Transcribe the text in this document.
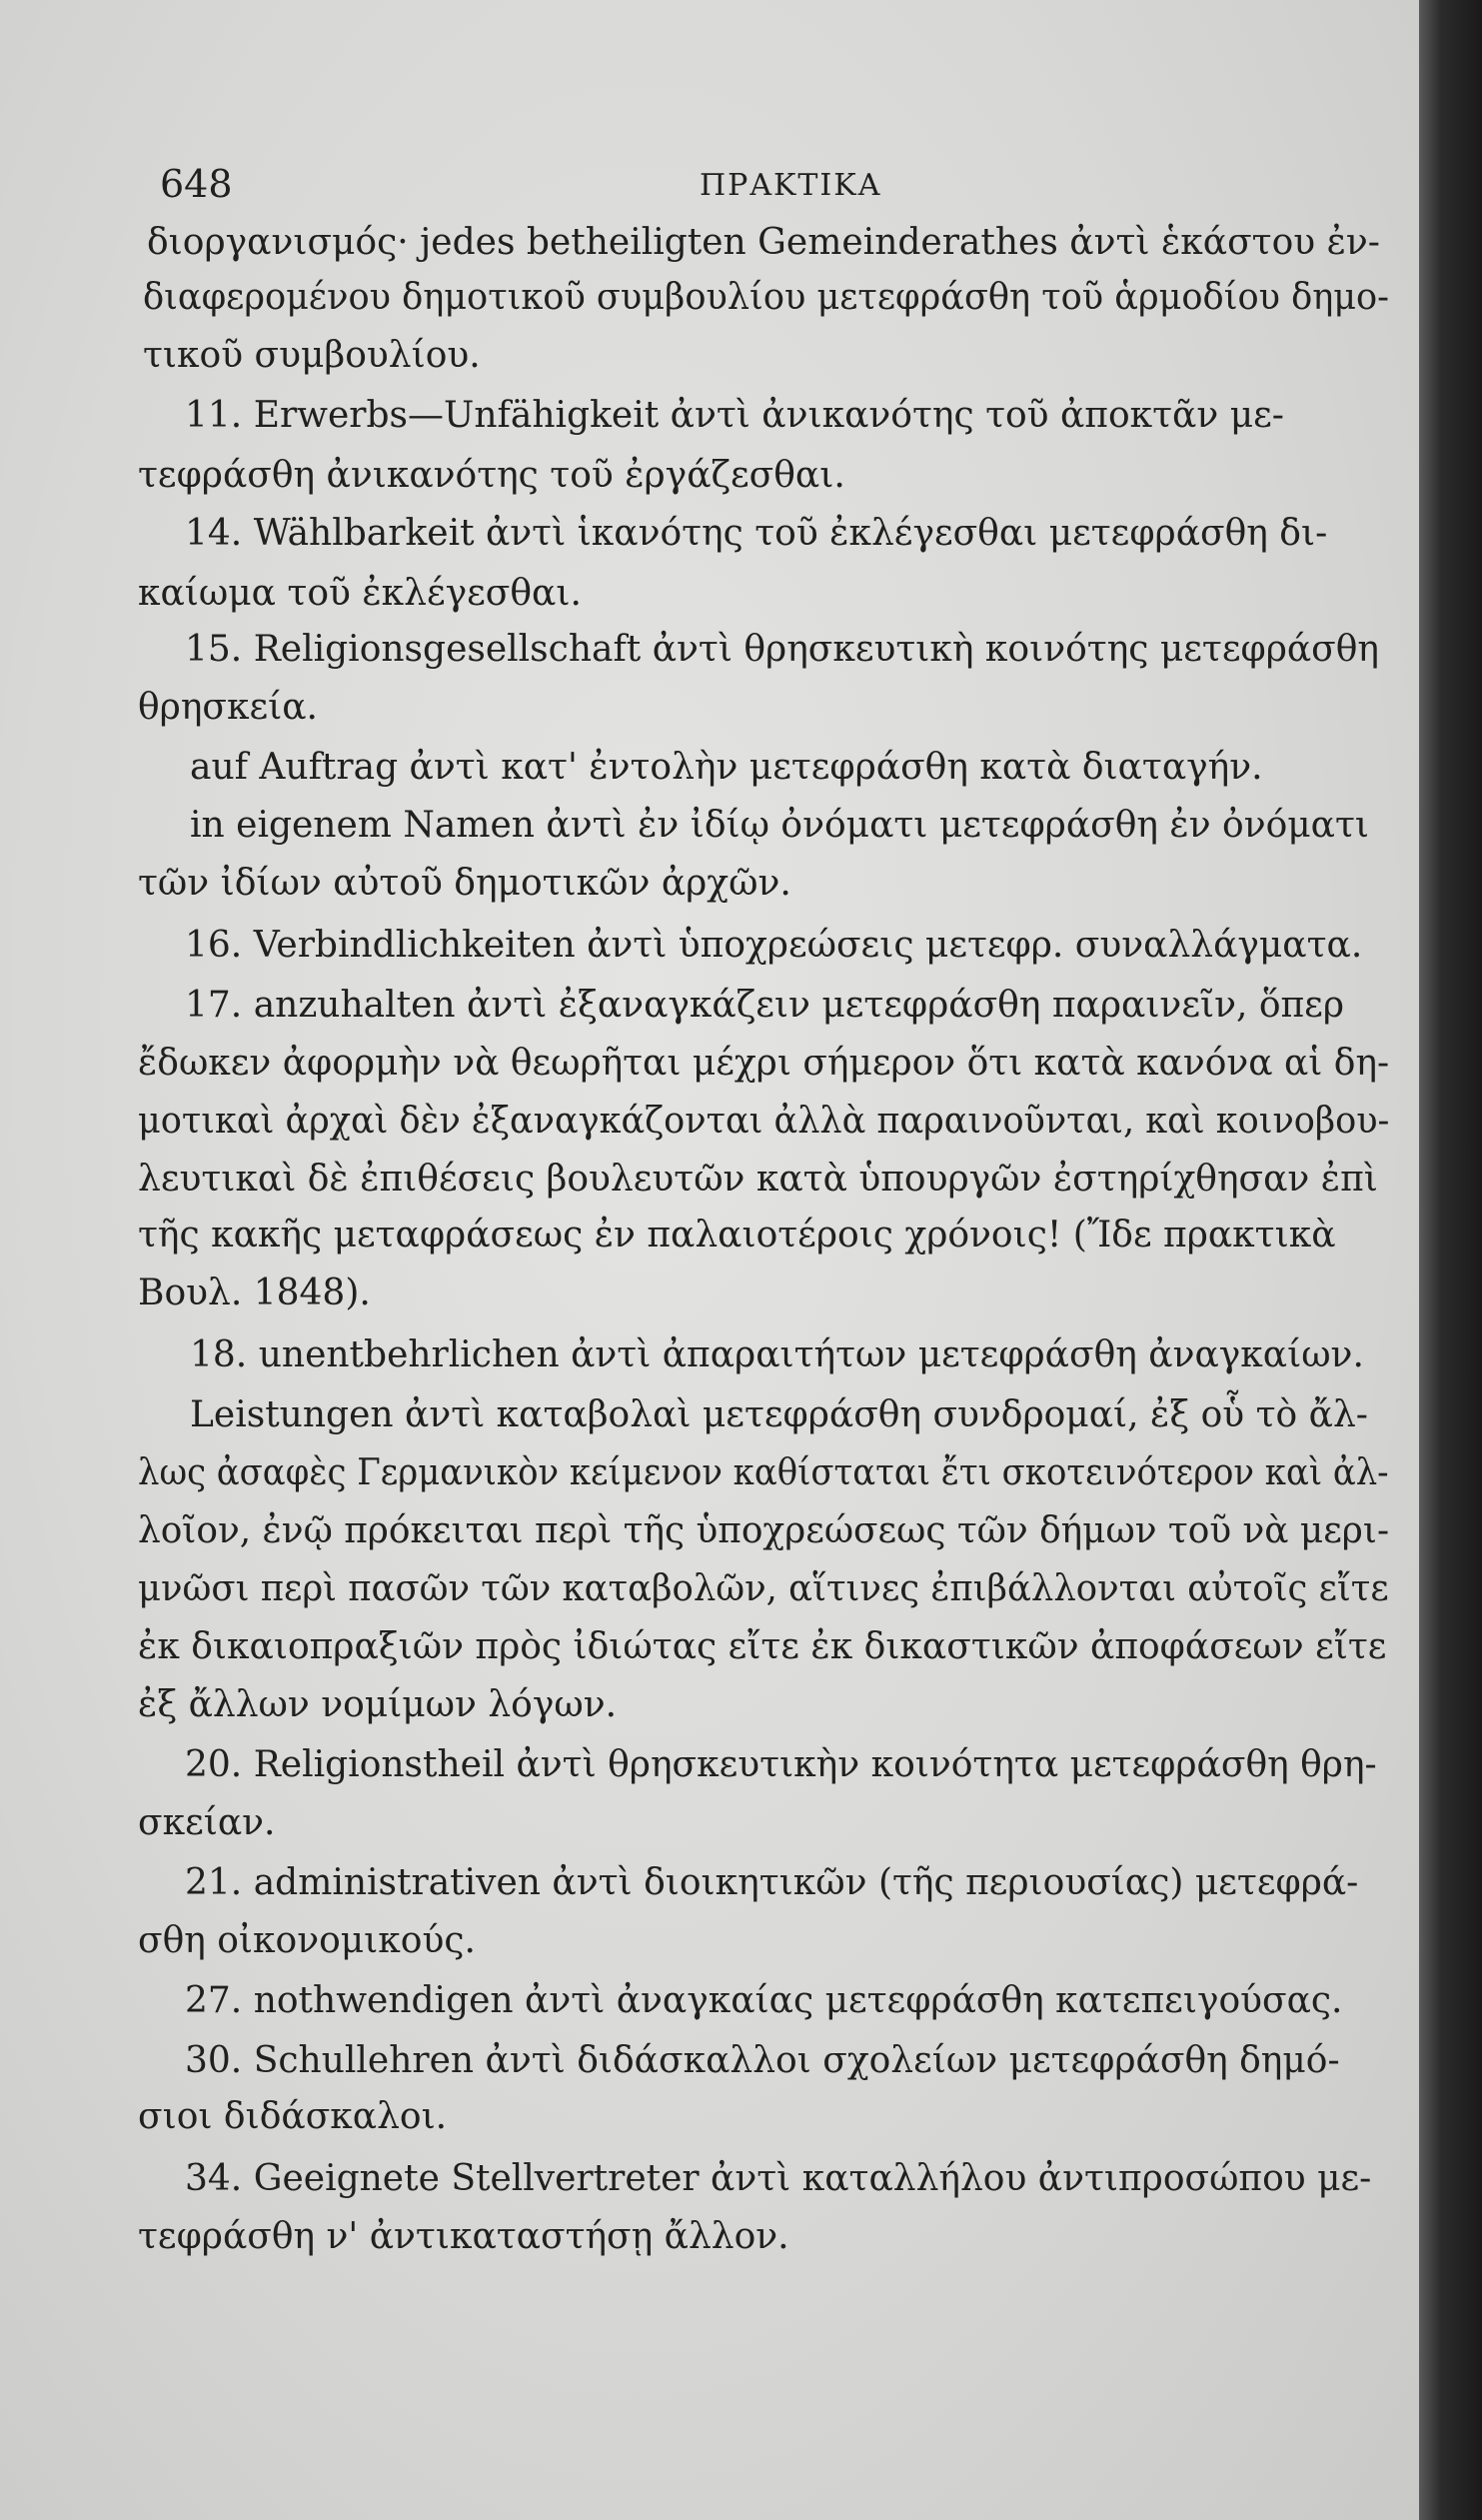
648	ΠΡΑΚΤΙΚΑ
διοργανισμός· jedes betheiligten Gemeinderathes ἀντὶ ἑκάστου ἐν-
διαφερομένου δημοτικοῦ συμβουλίου μετεφράσθη τοῦ ἁρμοδίου δημο-
τικοῦ συμβουλίου.
11. Erwerbs—Unfähigkeit ἀντὶ ἀνικανότης τοῦ ἀποκτᾶν με-
τεφράσθη ἀνικανότης τοῦ ἐργάζεσθαι.
14. Wählbarkeit ἀντὶ ἱκανότης τοῦ ἐκλέγεσθαι μετεφράσθη δι-
καίωμα τοῦ ἐκλέγεσθαι.
15. Religionsgesellschaft ἀντὶ θρησκευτικὴ κοινότης μετεφράσθη
θρησκεία.
auf Auftrag ἀντὶ κατ' ἐντολὴν μετεφράσθη κατὰ διαταγήν.
in eigenem Namen ἀντὶ ἐν ἰδίῳ ὀνόματι μετεφράσθη ἐν ὀνόματι
τῶν ἰδίων αὐτοῦ δημοτικῶν ἀρχῶν.
16. Verbindlichkeiten ἀντὶ ὑποχρεώσεις μετεφρ. συναλλάγματα.
17. anzuhalten ἀντὶ ἐξαναγκάζειν μετεφράσθη παραινεῖν, ὅπερ
ἔδωκεν ἀφορμὴν νὰ θεωρῆται μέχρι σήμερον ὅτι κατὰ κανόνα αἱ δη-
μοτικαὶ ἀρχαὶ δὲν ἐξαναγκάζονται ἀλλὰ παραινοῦνται, καὶ κοινοβου-
λευτικαὶ δὲ ἐπιθέσεις βουλευτῶν κατὰ ὑπουργῶν ἐστηρίχθησαν ἐπὶ
τῆς κακῆς μεταφράσεως ἐν παλαιοτέροις χρόνοις! (Ἴδε πρακτικὰ
Βουλ. 1848).
18. unentbehrlichen ἀντὶ ἀπαραιτήτων μετεφράσθη ἀναγκαίων.
Leistungen ἀντὶ καταβολαὶ μετεφράσθη συνδρομαί, ἐξ οὗ τὸ ἄλ-
λως ἀσαφὲς Γερμανικὸν κείμενον καθίσταται ἔτι σκοτεινότερον καὶ ἀλ-
λοῖον, ἐνῷ πρόκειται περὶ τῆς ὑποχρεώσεως τῶν δήμων τοῦ νὰ μερι-
μνῶσι περὶ πασῶν τῶν καταβολῶν, αἵτινες ἐπιβάλλονται αὐτοῖς εἴτε
ἐκ δικαιοπραξιῶν πρὸς ἰδιώτας εἴτε ἐκ δικαστικῶν ἀποφάσεων εἴτε
ἐξ ἄλλων νομίμων λόγων.
20. Religionstheil ἀντὶ θρησκευτικὴν κοινότητα μετεφράσθη θρη-
σκείαν.
21. administrativen ἀντὶ διοικητικῶν (τῆς περιουσίας) μετεφρά-
σθη οἰκονομικούς.
27. nothwendigen ἀντὶ ἀναγκαίας μετεφράσθη κατεπειγούσας.
30. Schullehren ἀντὶ διδάσκαλλοι σχολείων μετεφράσθη δημό-
σιοι διδάσκαλοι.
34. Geeignete Stellvertreter ἀντὶ καταλλήλου ἀντιπροσώπου με-
τεφράσθη ν' ἀντικαταστήσῃ ἄλλον.
